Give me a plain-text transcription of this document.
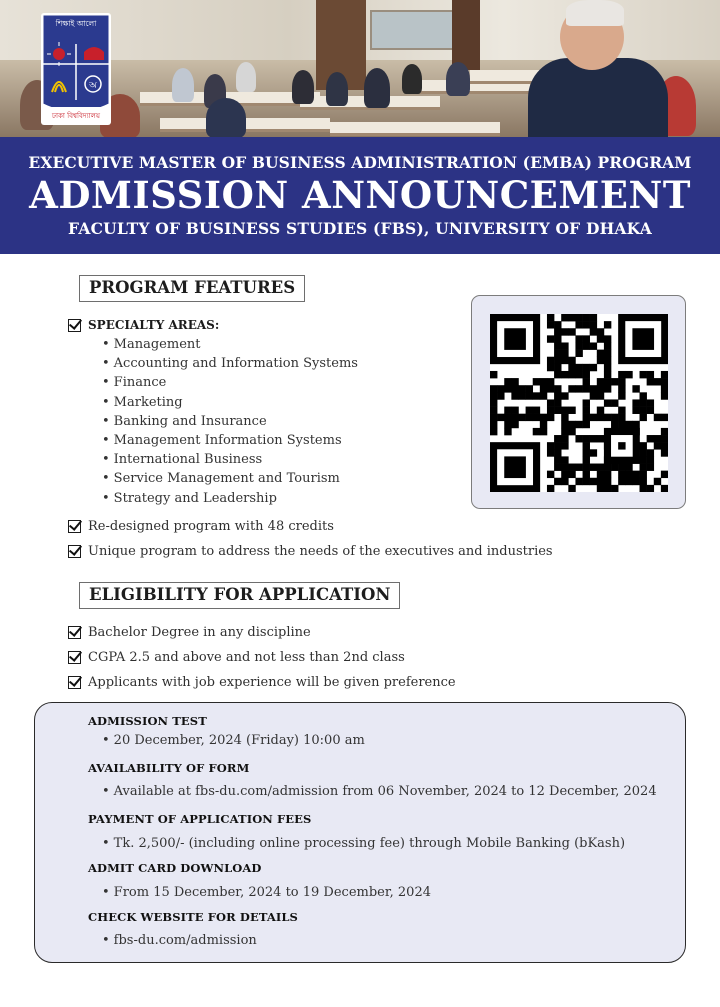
অ
শিক্ষাই আলো
ঢাকা বিশ্ববিদ্যালয়
EXECUTIVE MASTER OF BUSINESS ADMINISTRATION (EMBA) PROGRAM
ADMISSION ANNOUNCEMENT
FACULTY OF BUSINESS STUDIES (FBS), UNIVERSITY OF DHAKA
PROGRAM FEATURES
SPECIALTY AREAS:
• Management
• Accounting and Information Systems
• Finance
• Marketing
• Banking and Insurance
• Management Information Systems
• International Business
• Service Management and Tourism
• Strategy and Leadership
Re-designed program with 48 credits
Unique program to address the needs of the executives and industries
ELIGIBILITY FOR APPLICATION
Bachelor Degree in any discipline
CGPA 2.5 and above and not less than 2nd class
Applicants with job experience will be given preference
ADMISSION TEST
• 20 December, 2024 (Friday) 10:00 am
AVAILABILITY OF FORM
• Available at fbs-du.com/admission from 06 November, 2024 to 12 December, 2024
PAYMENT OF APPLICATION FEES
• Tk. 2,500/- (including online processing fee) through Mobile Banking (bKash)
ADMIT CARD DOWNLOAD
• From 15 December, 2024 to 19 December, 2024
CHECK WEBSITE FOR DETAILS
• fbs-du.com/admission
